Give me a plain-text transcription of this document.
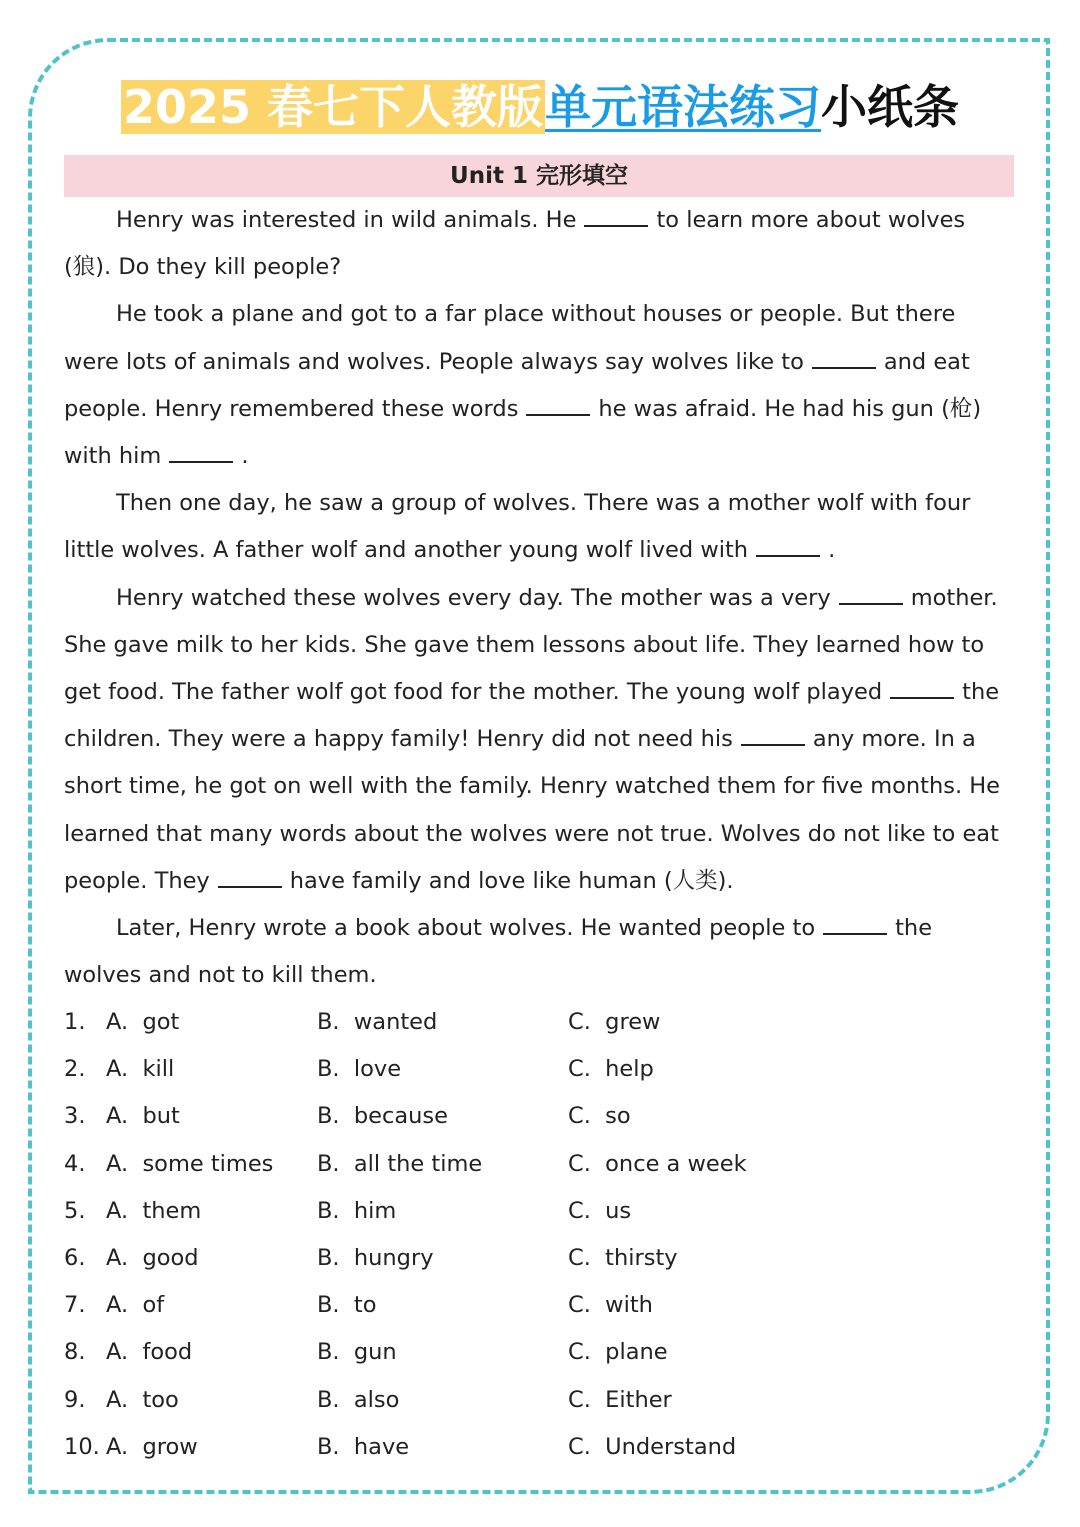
2025 春七下人教版单元语法练习小纸条
Unit 1 完形填空

Henry was interested in wild animals. He	to learn more about wolves (狼). Do they kill people?

He took a plane and got to a far place without houses or people. But there were lots of animals and wolves. People always say wolves like to	and eat people. Henry remembered these words	he was afraid. He had his gun (枪) with him	.

Then one day, he saw a group of wolves. There was a mother wolf with four little wolves. A father wolf and another young wolf lived with	.

Henry watched these wolves every day. The mother was a very	mother. She gave milk to her kids. She gave them lessons about life. They learned how to get food. The father wolf got food for the mother. The young wolf played	the children. They were a happy family! Henry did not need his	any more. In a short time, he got on well with the family. Henry watched them for five months. He learned that many words about the wolves were not true. Wolves do not like to eat people. They	have family and love like human (人类).

Later, Henry wrote a book about wolves. He wanted people to	the wolves and not to kill them.

1. A.  got	B.  wanted	C.  grew
2. A.  kill	B.  love	C.  help
3. A.  but	B.  because	C.  so
4. A.  some times B.  all the time	C.  once a week
5. A.  them	B.  him	C.  us
6. A.  good	B.  hungry	C.  thirsty
7. A.  of	B.  to	C.  with
8. A.  food	B.  gun	C.  plane
9. A.  too	B.  also	C.  Either
10. A.  grow	B.  have	C.  Understand
